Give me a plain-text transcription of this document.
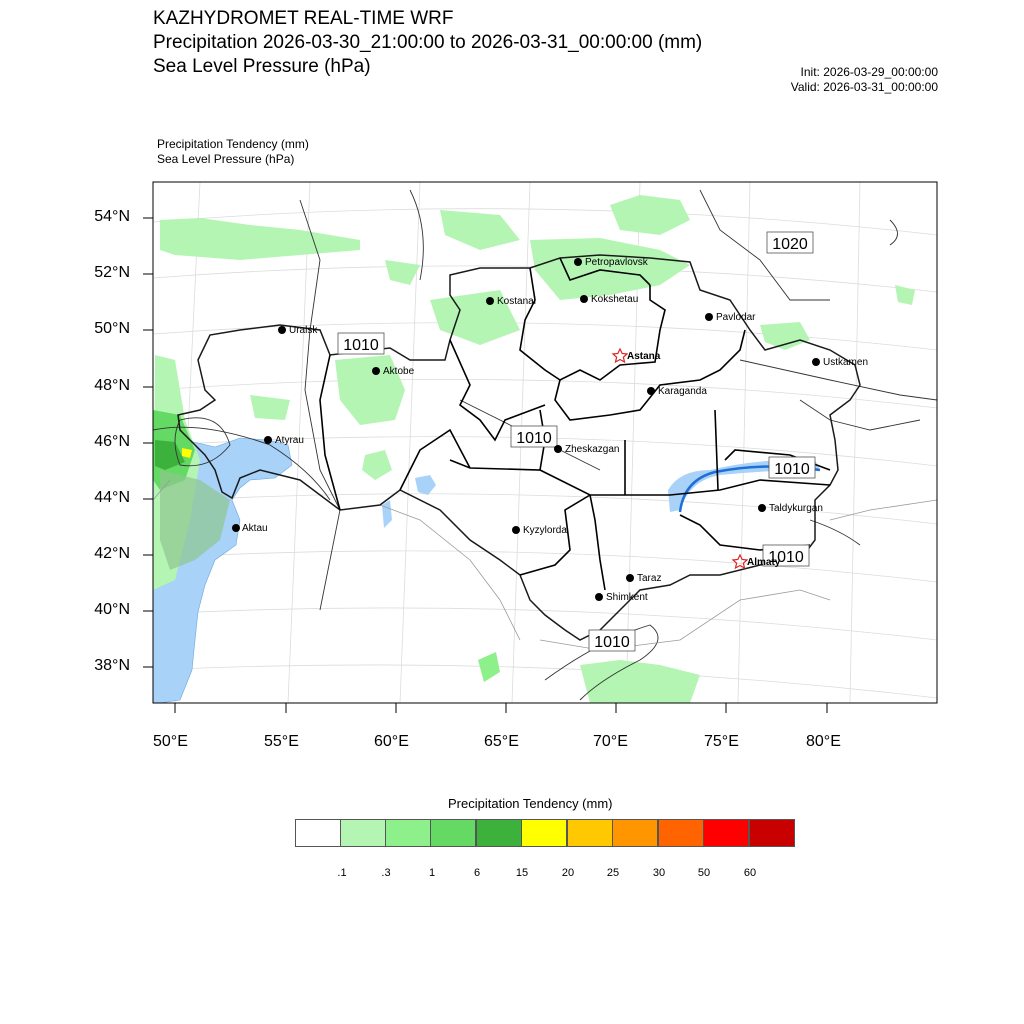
KAZHYDROMET REAL-TIME WRF
Precipitation 2026-03-30_21:00:00 to 2026-03-31_00:00:00 (mm)
Sea Level Pressure (hPa)	Init: 2026-03-29_00:00:00
Valid: 2026-03-31_00:00:00
Precipitation Tendency (mm)
Sea Level Pressure (hPa)
1020
1010
1010
1010
1010
1010
Petropavlovsk
Kostanai	Kokshetau
Pavlodar
Uralsk
Astana
Aktobe
Ustkamen
Karaganda
Atyrau
Zheskazgan
Taldykurgan
Aktau	Kyzylorda
Almaty
Taraz
Shimkent
54°N
52°N
50°N
48°N
46°N
44°N
42°N
40°N
38°N
50°E	55°E	60°E	65°E	70°E	75°E	80°E
Precipitation Tendency (mm)
.1	.3	1	6	15	20	25	30	50	60
